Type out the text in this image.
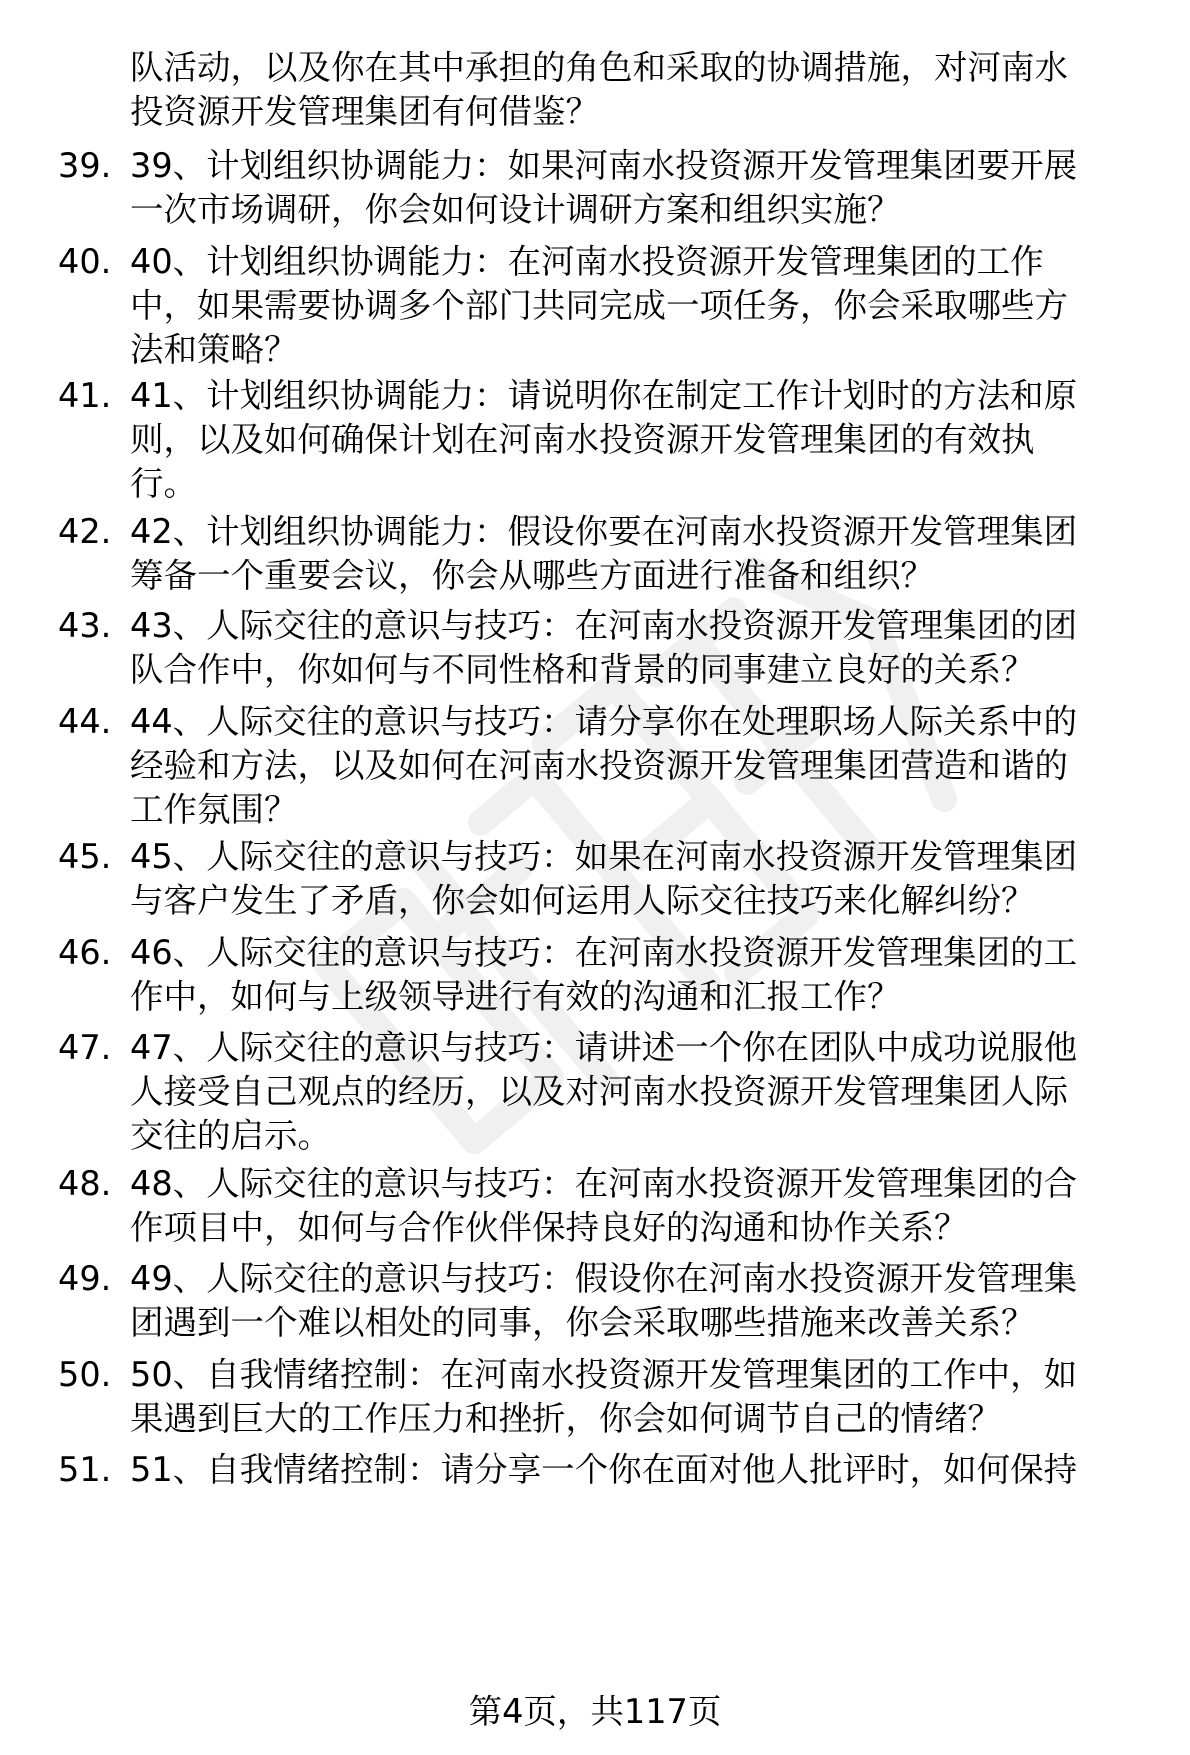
队活动，以及你在其中承担的角色和采取的协调措施，对河南水
投资源开发管理集团有何借鉴？
39. 39、计划组织协调能力：如果河南水投资源开发管理集团要开展
一次市场调研，你会如何设计调研方案和组织实施？
40. 40、计划组织协调能力：在河南水投资源开发管理集团的工作
中，如果需要协调多个部门共同完成一项任务，你会采取哪些方
法和策略？
41. 41、计划组织协调能力：请说明你在制定工作计划时的方法和原
则，以及如何确保计划在河南水投资源开发管理集团的有效执
行。
42. 42、计划组织协调能力：假设你要在河南水投资源开发管理集团
筹备一个重要会议，你会从哪些方面进行准备和组织？
43. 43、人际交往的意识与技巧：在河南水投资源开发管理集团的团
队合作中，你如何与不同性格和背景的同事建立良好的关系？
44. 44、人际交往的意识与技巧：请分享你在处理职场人际关系中的
经验和方法，以及如何在河南水投资源开发管理集团营造和谐的
工作氛围？
45. 45、人际交往的意识与技巧：如果在河南水投资源开发管理集团
与客户发生了矛盾，你会如何运用人际交往技巧来化解纠纷？
46. 46、人际交往的意识与技巧：在河南水投资源开发管理集团的工
作中，如何与上级领导进行有效的沟通和汇报工作？
47. 47、人际交往的意识与技巧：请讲述一个你在团队中成功说服他
人接受自己观点的经历，以及对河南水投资源开发管理集团人际
交往的启示。
48. 48、人际交往的意识与技巧：在河南水投资源开发管理集团的合
作项目中，如何与合作伙伴保持良好的沟通和协作关系？
49. 49、人际交往的意识与技巧：假设你在河南水投资源开发管理集
团遇到一个难以相处的同事，你会采取哪些措施来改善关系？
50. 50、自我情绪控制：在河南水投资源开发管理集团的工作中，如
果遇到巨大的工作压力和挫折，你会如何调节自己的情绪？
51. 51、自我情绪控制：请分享一个你在面对他人批评时，如何保持
第4页，共117页
